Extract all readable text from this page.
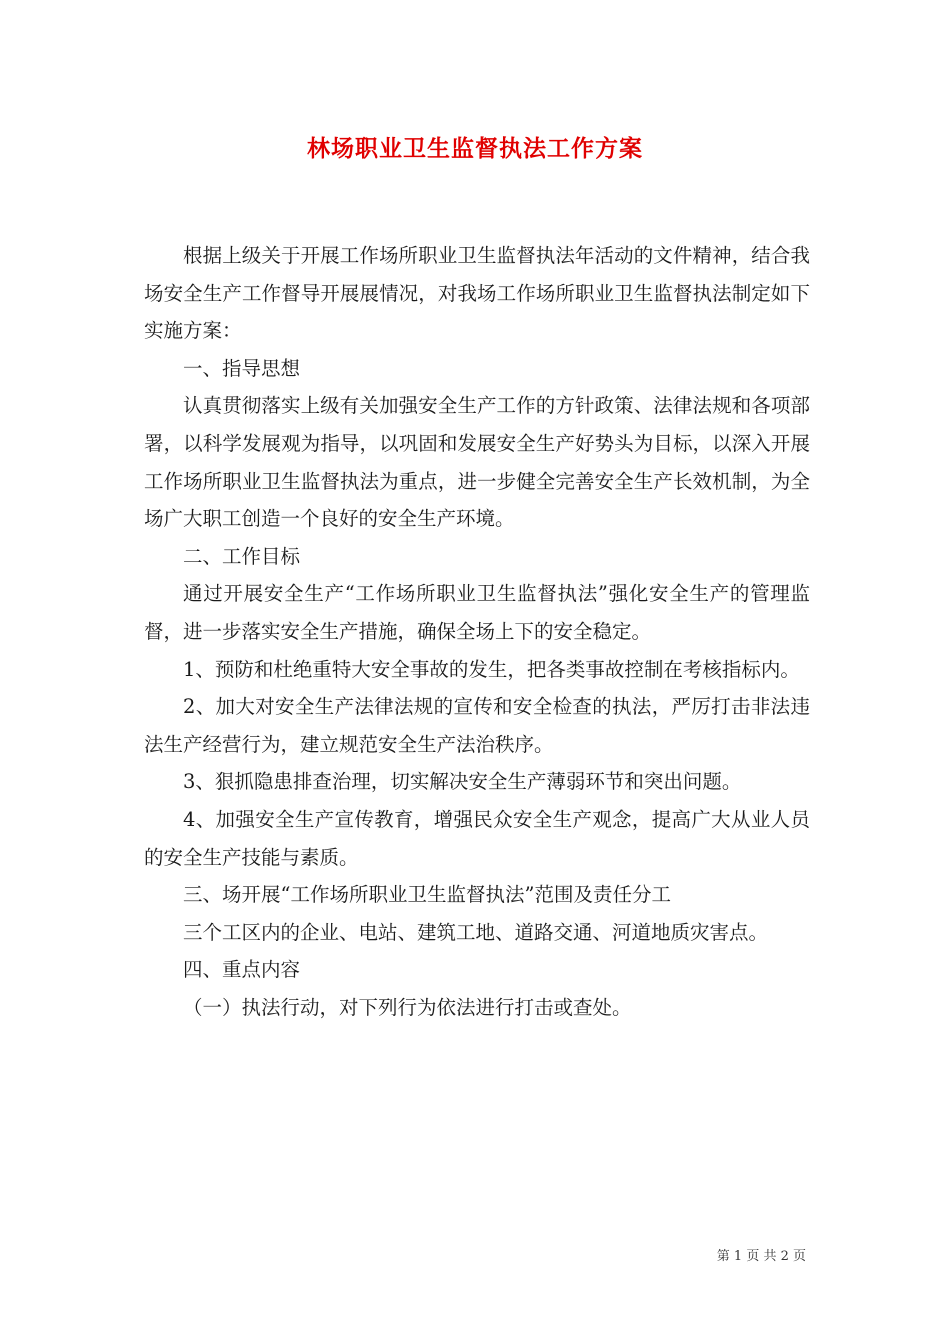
林场职业卫生监督执法工作方案

根据上级关于开展工作场所职业卫生监督执法年活动的文件精神，结合我场安全生产工作督导开展展情况，对我场工作场所职业卫生监督执法制定如下实施方案：

一、指导思想

认真贯彻落实上级有关加强安全生产工作的方针政策、法律法规和各项部署，以科学发展观为指导，以巩固和发展安全生产好势头为目标，以深入开展工作场所职业卫生监督执法为重点，进一步健全完善安全生产长效机制，为全场广大职工创造一个良好的安全生产环境。

二、工作目标

通过开展安全生产“工作场所职业卫生监督执法”强化安全生产的管理监督，进一步落实安全生产措施，确保全场上下的安全稳定。

1、预防和杜绝重特大安全事故的发生，把各类事故控制在考核指标内。

2、加大对安全生产法律法规的宣传和安全检查的执法，严厉打击非法违法生产经营行为，建立规范安全生产法治秩序。

3、狠抓隐患排查治理，切实解决安全生产薄弱环节和突出问题。

4、加强安全生产宣传教育，增强民众安全生产观念，提高广大从业人员的安全生产技能与素质。

三、场开展“工作场所职业卫生监督执法”范围及责任分工

三个工区内的企业、电站、建筑工地、道路交通、河道地质灾害点。

四、重点内容

（一）执法行动，对下列行为依法进行打击或查处。

第 1 页 共 2 页
